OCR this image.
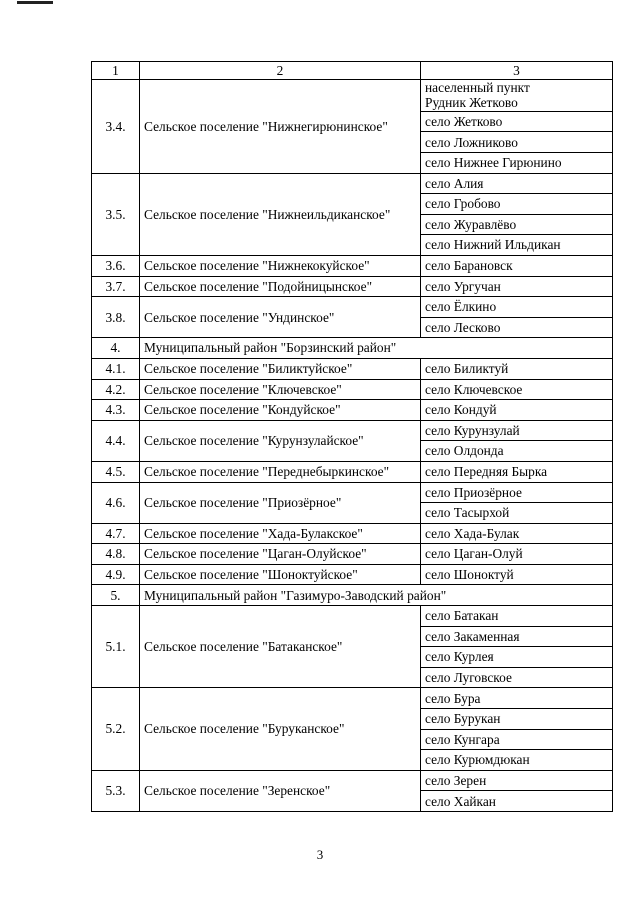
1	2	3
3.4.	Сельское поселение "Нижнегирюнинское"	населенный пункт
Рудник Жетково
		село Жетково
		село Ложниково
		село Нижнее Гирюнино
3.5.	Сельское поселение "Нижнеильдиканское"	село Алия
		село Гробово
		село Журавлёво
		село Нижний Ильдикан
3.6.	Сельское поселение "Нижнекокуйское"	село Барановск
3.7.	Сельское поселение "Подойницынское"	село Ургучан
3.8.	Сельское поселение "Ундинское"	село Ёлкино
		село Лесково
4.	Муниципальный район "Борзинский район"	
4.1.	Сельское поселение "Биликтуйское"	село Биликтуй
4.2.	Сельское поселение "Ключевское"	село Ключевское
4.3.	Сельское поселение "Кондуйское"	село Кондуй
4.4.	Сельское поселение "Курунзулайское"	село Курунзулай
		село Олдонда
4.5.	Сельское поселение "Переднебыркинское"	село Передняя Бырка
4.6.	Сельское поселение "Приозёрное"	село Приозёрное
		село Тасырхой
4.7.	Сельское поселение "Хада-Булакское"	село Хада-Булак
4.8.	Сельское поселение "Цаган-Олуйское"	село Цаган-Олуй
4.9.	Сельское поселение "Шоноктуйское"	село Шоноктуй
5.	Муниципальный район "Газимуро-Заводский район"	
5.1.	Сельское поселение "Батаканское"	село Батакан
		село Закаменная
		село Курлея
		село Луговское
5.2.	Сельское поселение "Буруканское"	село Бура
		село Бурукан
		село Кунгара
		село Курюмдюкан
5.3.	Сельское поселение "Зеренское"	село Зерен
		село Хайкан
3
